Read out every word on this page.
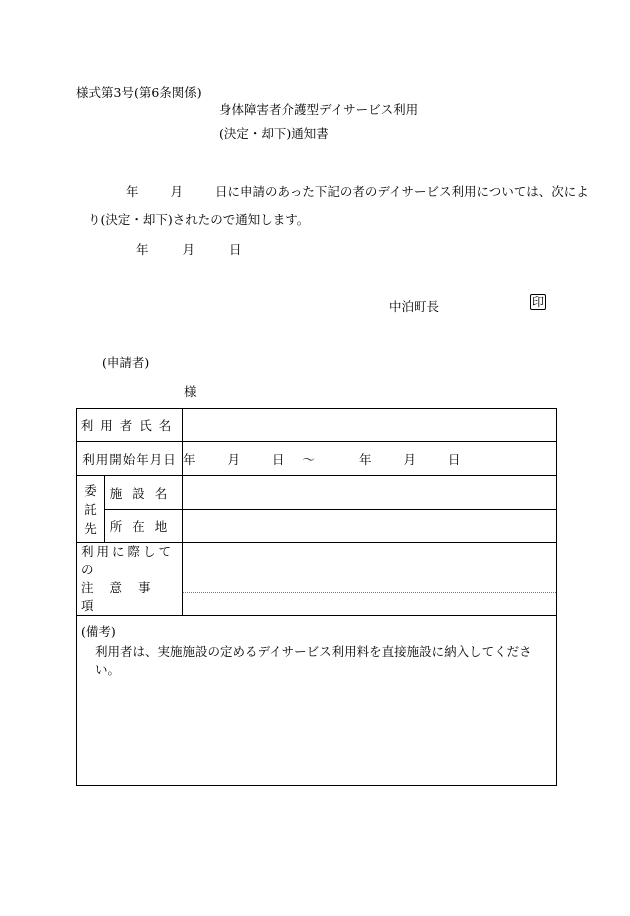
様式第3号(第6条関係)
身体障害者介護型デイサービス利用
(決定・却下)通知書
年	月	日に申請のあった下記の者のデイサービス利用については、次によ
り(決定・却下)されたので通知します。
年	月	日
中泊町長	印
(申請者)
様
利用者氏名		
利用開始年月日		年 月 日 〜 年 月 日

委託先	施設名	
	所在地	

利用に際しての
注意事項		

(備考)
利用者は、実施施設の定めるデイサービス利用料を直接施設に納入してください。		
